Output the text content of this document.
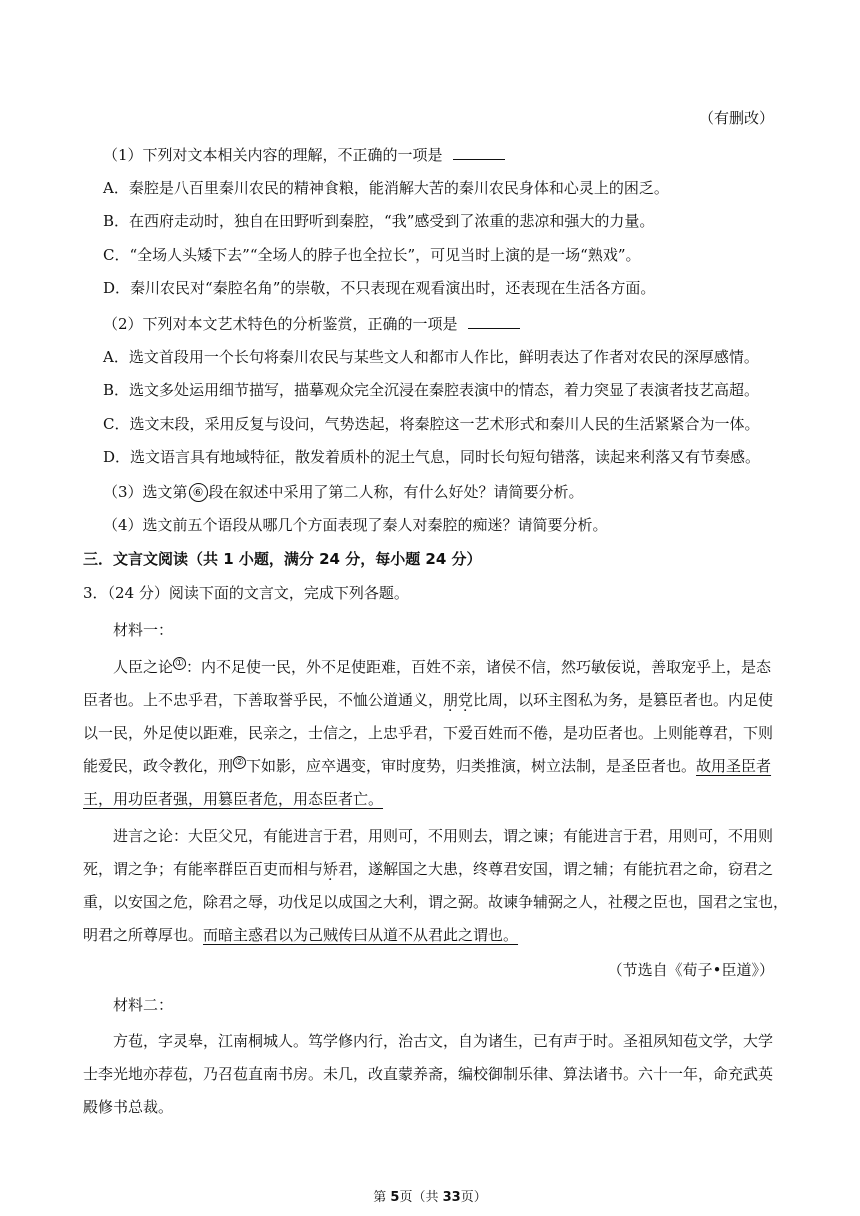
（有删改）
（1）下列对文本相关内容的理解，不正确的一项是
A．秦腔是八百里秦川农民的精神食粮，能消解大苦的秦川农民身体和心灵上的困乏。
B．在西府走动时，独自在田野听到秦腔，“我”感受到了浓重的悲凉和强大的力量。
C．“全场人头矮下去”“全场人的脖子也全拉长”，可见当时上演的是一场“熟戏”。
D．秦川农民对“秦腔名角”的崇敬，不只表现在观看演出时，还表现在生活各方面。
（2）下列对本文艺术特色的分析鉴赏，正确的一项是
A．选文首段用一个长句将秦川农民与某些文人和都市人作比，鲜明表达了作者对农民的深厚感情。
B．选文多处运用细节描写，描摹观众完全沉浸在秦腔表演中的情态，着力突显了表演者技艺高超。
C．选文末段，采用反复与设问，气势迭起，将秦腔这一艺术形式和秦川人民的生活紧紧合为一体。
D．选文语言具有地域特征，散发着质朴的泥土气息，同时长句短句错落，读起来利落又有节奏感。
（3）选文第 ⑥ 段在叙述中采用了第二人称，有什么好处？请简要分析。
（4）选文前五个语段从哪几个方面表现了秦人对秦腔的痴迷？请简要分析。
三．文言文阅读（共 1 小题，满分 24 分，每小题 24 分）
3．（24 分）阅读下面的文言文，完成下列各题。
材料一：
人臣之论 ① ：内不足使一民，外不足使距难，百姓不亲，诸侯不信，然巧敏佞说，善取宠乎上，是态
臣者也。上不忠乎君，下善取誉乎民，不恤公道通义，朋党比周，以环主图私为务，是篡臣者也。内足使
以一民，外足使以距难，民亲之，士信之，上忠乎君，下爱百姓而不倦，是功臣者也。上则能尊君，下则
能爱民，政令教化，刑 ② 下如影，应卒遇变，审时度势，归类推演，树立法制，是圣臣者也。故用圣臣者
王，用功臣者强，用篡臣者危，用态臣者亡。
进言之论：大臣父兄，有能进言于君，用则可，不用则去，谓之谏；有能进言于君，用则可，不用则
死，谓之争；有能率群臣百吏而相与矫君，遂解国之大患，终尊君安国，谓之辅；有能抗君之命，窃君之
重，以安国之危，除君之辱，功伐足以成国之大利，谓之弼。故谏争辅弼之人，社稷之臣也，国君之宝也，
明君之所尊厚也。而暗主惑君以为己贼传曰从道不从君此之谓也。
（节选自《荀子•臣道》）
材料二：
方苞，字灵皋，江南桐城人。笃学修内行，治古文，自为诸生，已有声于时。圣祖夙知苞文学，大学
士李光地亦荐苞，乃召苞直南书房。未几，改直蒙养斋，编校御制乐律、算法诸书。六十一年，命充武英
殿修书总裁。
第 5页（共 33页）
